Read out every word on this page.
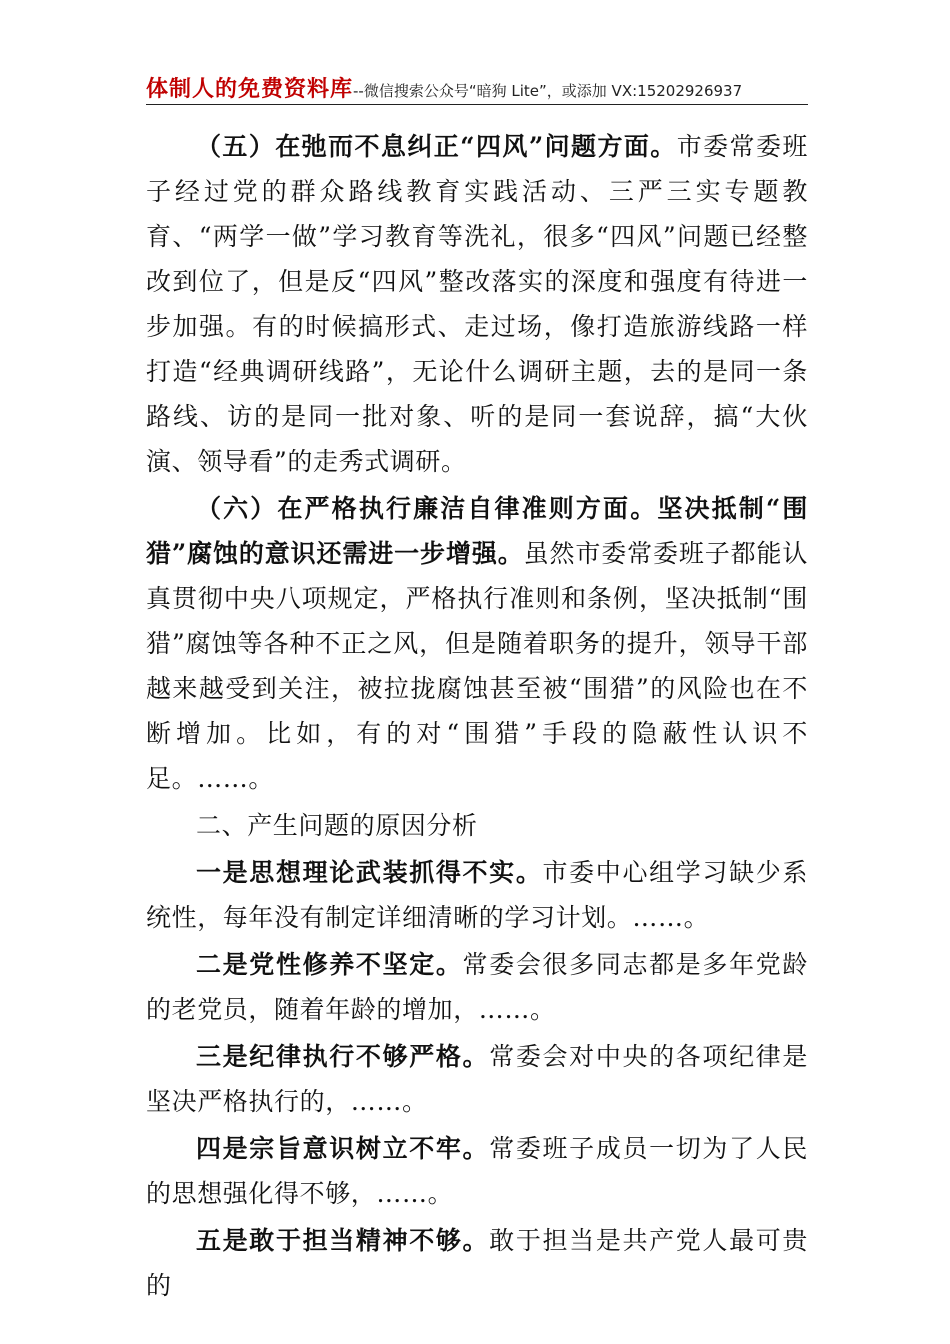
体制人的免费资料库--微信搜索公众号“暗狗 Lite”，或添加 VX:15202926937

（五）在弛而不息纠正“四风”问题方面。市委常委班子经过党的群众路线教育实践活动、三严三实专题教育、“两学一做”学习教育等洗礼，很多“四风”问题已经整改到位了，但是反“四风”整改落实的深度和强度有待进一步加强。有的时候搞形式、走过场，像打造旅游线路一样打造“经典调研线路”，无论什么调研主题，去的是同一条路线、访的是同一批对象、听的是同一套说辞，搞“大伙演、领导看”的走秀式调研。

（六）在严格执行廉洁自律准则方面。坚决抵制“围猎”腐蚀的意识还需进一步增强。虽然市委常委班子都能认真贯彻中央八项规定，严格执行准则和条例，坚决抵制“围猎”腐蚀等各种不正之风，但是随着职务的提升，领导干部越来越受到关注，被拉拢腐蚀甚至被“围猎”的风险也在不断增加。比如，有的对“围猎”手段的隐蔽性认识不足。……。

二、产生问题的原因分析

一是思想理论武装抓得不实。市委中心组学习缺少系统性，每年没有制定详细清晰的学习计划。……。

二是党性修养不坚定。常委会很多同志都是多年党龄的老党员，随着年龄的增加，……。

三是纪律执行不够严格。常委会对中央的各项纪律是坚决严格执行的，……。

四是宗旨意识树立不牢。常委班子成员一切为了人民的思想强化得不够，……。

五是敢于担当精神不够。敢于担当是共产党人最可贵的
